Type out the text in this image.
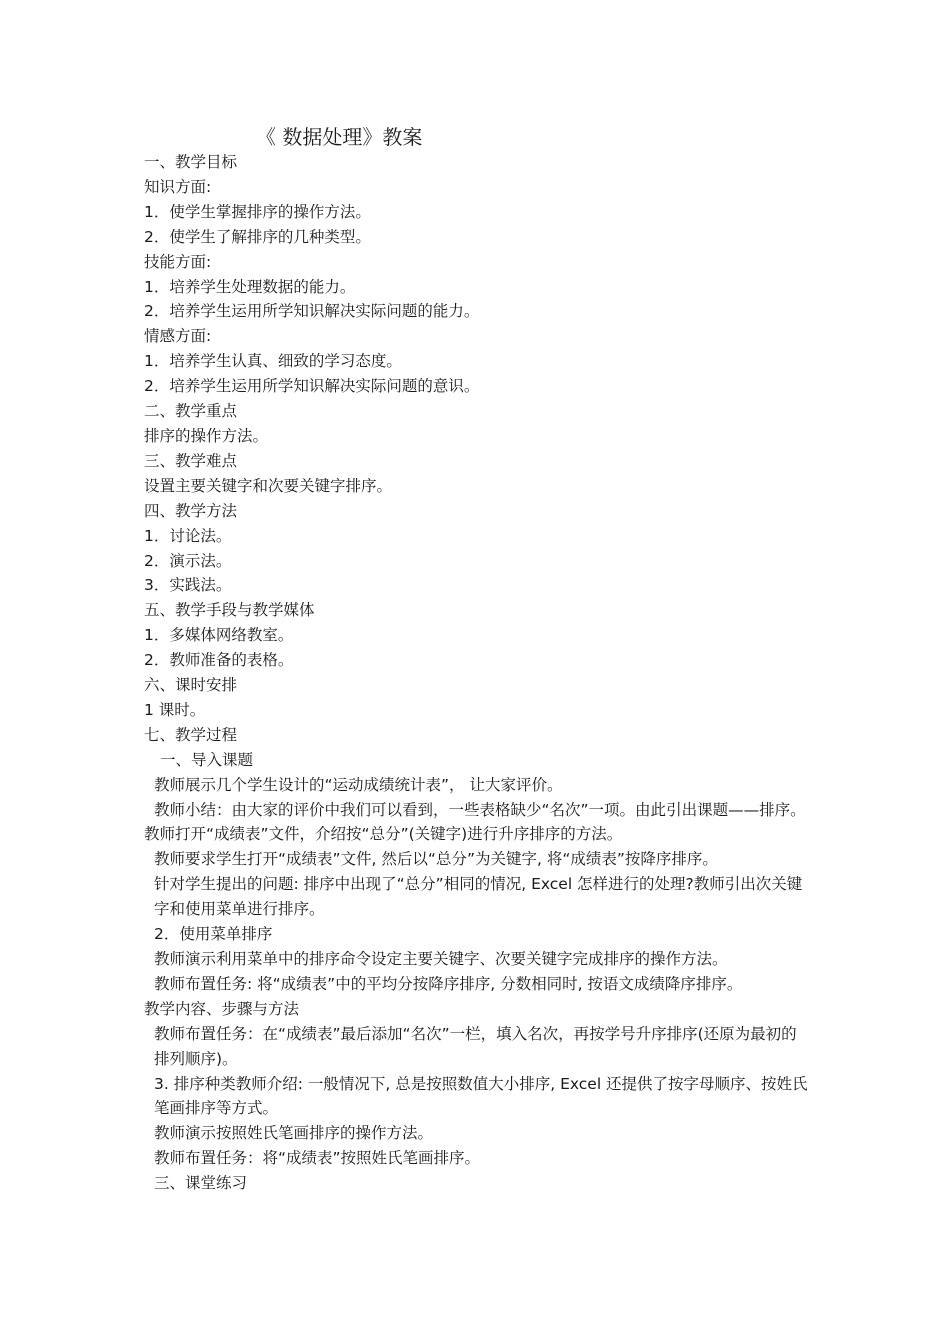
《 数据处理》教案

一、教学目标

知识方面:

1．使学生掌握排序的操作方法。

2．使学生了解排序的几种类型。

技能方面:

1．培养学生处理数据的能力。

2．培养学生运用所学知识解决实际问题的能力。

情感方面:

1．培养学生认真、细致的学习态度。

2．培养学生运用所学知识解决实际问题的意识。

二、教学重点

排序的操作方法。

三、教学难点

设置主要关键字和次要关键字排序。

四、教学方法

1．讨论法。

2．演示法。

3．实践法。

五、教学手段与教学媒体

1．多媒体网络教室。

2．教师准备的表格。

六、课时安排

1 课时。

七、教学过程

一、导入课题

教师展示几个学生设计的“运动成绩统计表”， 让大家评价。

教师小结：由大家的评价中我们可以看到，一些表格缺少“名次”一项。由此引出课题——排序。

教师打开“成绩表”文件，介绍按“总分”(关键字)进行升序排序的方法。

教师要求学生打开“成绩表”文件, 然后以“总分”为关键字, 将“成绩表”按降序排序。

针对学生提出的问题: 排序中出现了“总分”相同的情况, Excel 怎样进行的处理?教师引出次关键字和使用菜单进行排序。

2．使用菜单排序

教师演示利用菜单中的排序命令设定主要关键字、次要关键字完成排序的操作方法。

教师布置任务: 将“成绩表”中的平均分按降序排序, 分数相同时, 按语文成绩降序排序。

教学内容、步骤与方法

教师布置任务：在“成绩表”最后添加“名次”一栏，填入名次，再按学号升序排序(还原为最初的排列顺序)。

3. 排序种类教师介绍: 一般情况下, 总是按照数值大小排序, Excel 还提供了按字母顺序、按姓氏笔画排序等方式。

教师演示按照姓氏笔画排序的操作方法。

教师布置任务：将“成绩表”按照姓氏笔画排序。

三、课堂练习
